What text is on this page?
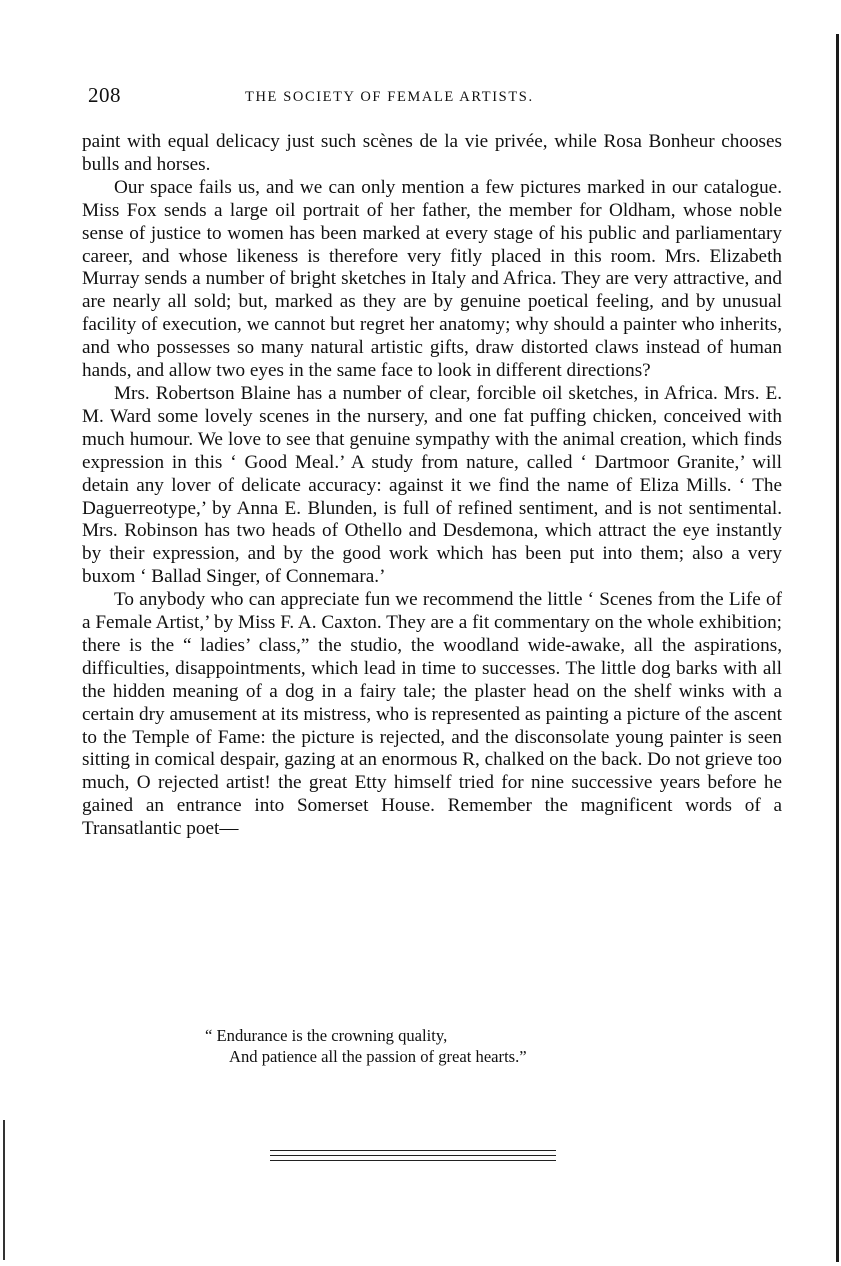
208	THE SOCIETY OF FEMALE ARTISTS.

paint with equal delicacy just such scènes de la vie privée, while Rosa Bonheur chooses bulls and horses.

Our space fails us, and we can only mention a few pictures marked in our catalogue. Miss Fox sends a large oil portrait of her father, the member for Oldham, whose noble sense of justice to women has been marked at every stage of his public and parliamentary career, and whose likeness is therefore very fitly placed in this room. Mrs. Elizabeth Murray sends a number of bright sketches in Italy and Africa. They are very attractive, and are nearly all sold; but, marked as they are by genuine poetical feeling, and by unusual facility of execution, we cannot but regret her anatomy; why should a painter who inherits, and who possesses so many natural artistic gifts, draw distorted claws instead of human hands, and allow two eyes in the same face to look in different directions?

Mrs. Robertson Blaine has a number of clear, forcible oil sketches, in Africa. Mrs. E. M. Ward some lovely scenes in the nursery, and one fat puffing chicken, conceived with much humour. We love to see that genuine sympathy with the animal creation, which finds expression in this ‘ Good Meal.’ A study from nature, called ‘ Dartmoor Granite,’ will detain any lover of delicate accuracy: against it we find the name of Eliza Mills. ‘ The Daguerreotype,’ by Anna E. Blunden, is full of refined sentiment, and is not sentimental. Mrs. Robinson has two heads of Othello and Desdemona, which attract the eye instantly by their expression, and by the good work which has been put into them; also a very buxom ‘ Ballad Singer, of Connemara.’

To anybody who can appreciate fun we recommend the little ‘ Scenes from the Life of a Female Artist,’ by Miss F. A. Caxton. They are a fit commentary on the whole exhibition; there is the “ ladies’ class,” the studio, the woodland wide-awake, all the aspirations, difficulties, disappointments, which lead in time to successes. The little dog barks with all the hidden meaning of a dog in a fairy tale; the plaster head on the shelf winks with a certain dry amusement at its mistress, who is represented as painting a picture of the ascent to the Temple of Fame: the picture is rejected, and the disconsolate young painter is seen sitting in comical despair, gazing at an enormous R, chalked on the back. Do not grieve too much, O rejected artist! the great Etty himself tried for nine successive years before he gained an entrance into Somerset House. Remember the magnificent words of a Transatlantic poet—

“ Endurance is the crowning quality,
And patience all the passion of great hearts.”
